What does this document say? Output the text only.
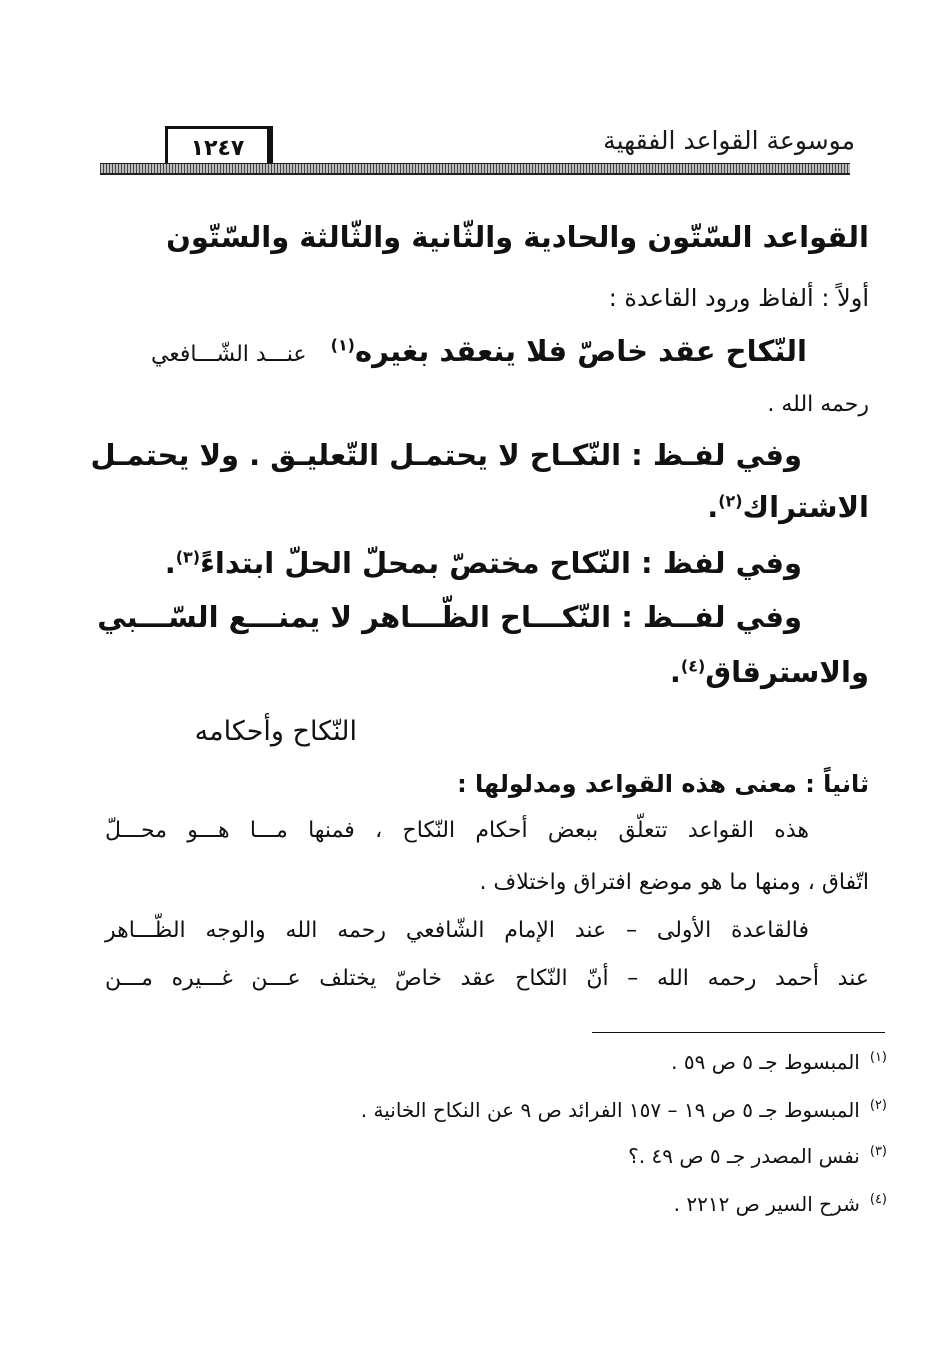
موسوعة القواعد الفقهية
١٢٤٧

القواعد السّتّون والحادية والثّانية والثّالثة والسّتّون

أولاً : ألفاظ ورود القاعدة :

النّكاح عقد خاصّ فلا ينعقد بغيره$^{(١)}$ عنـــد الشّـــافعي

رحمه الله .

وفي لفـظ : النّكـاح لا يحتمـل التّعليـق . ولا يحتمـل

الاشتراك$^{(٢)}$.

وفي لفظ : النّكاح مختصّ بمحلّ الحلّ ابتداءً$^{(٣)}$.

وفي لفــظ : النّكـــاح الظّـــاهر لا يمنـــع السّـــبي

والاسترقاق$^{(٤)}$.

النّكاح وأحكامه

ثانياً : معنى هذه القواعد ومدلولها :

هذه القواعد تتعلّق ببعض أحكام النّكاح ، فمنها مـــا هـــو محـــلّ

اتّفاق ، ومنها ما هو موضع افتراق واختلاف .

فالقاعدة الأولى – عند الإمام الشّافعي رحمه الله والوجه الظّـــاهر

عند أحمد رحمه الله – أنّ النّكاح عقد خاصّ يختلف عـــن غـــيره مـــن

$^{(١)}$المبسوط جـ ٥ ص ٥٩ .

$^{(٢)}$المبسوط جـ ٥ ص ١٩ – ١٥٧ الفرائد ص ٩ عن النكاح الخانية .

$^{(٣)}$نفس المصدر جـ ٥ ص ٤٩ .؟

$^{(٤)}$شرح السير ص ٢٢١٢ .
